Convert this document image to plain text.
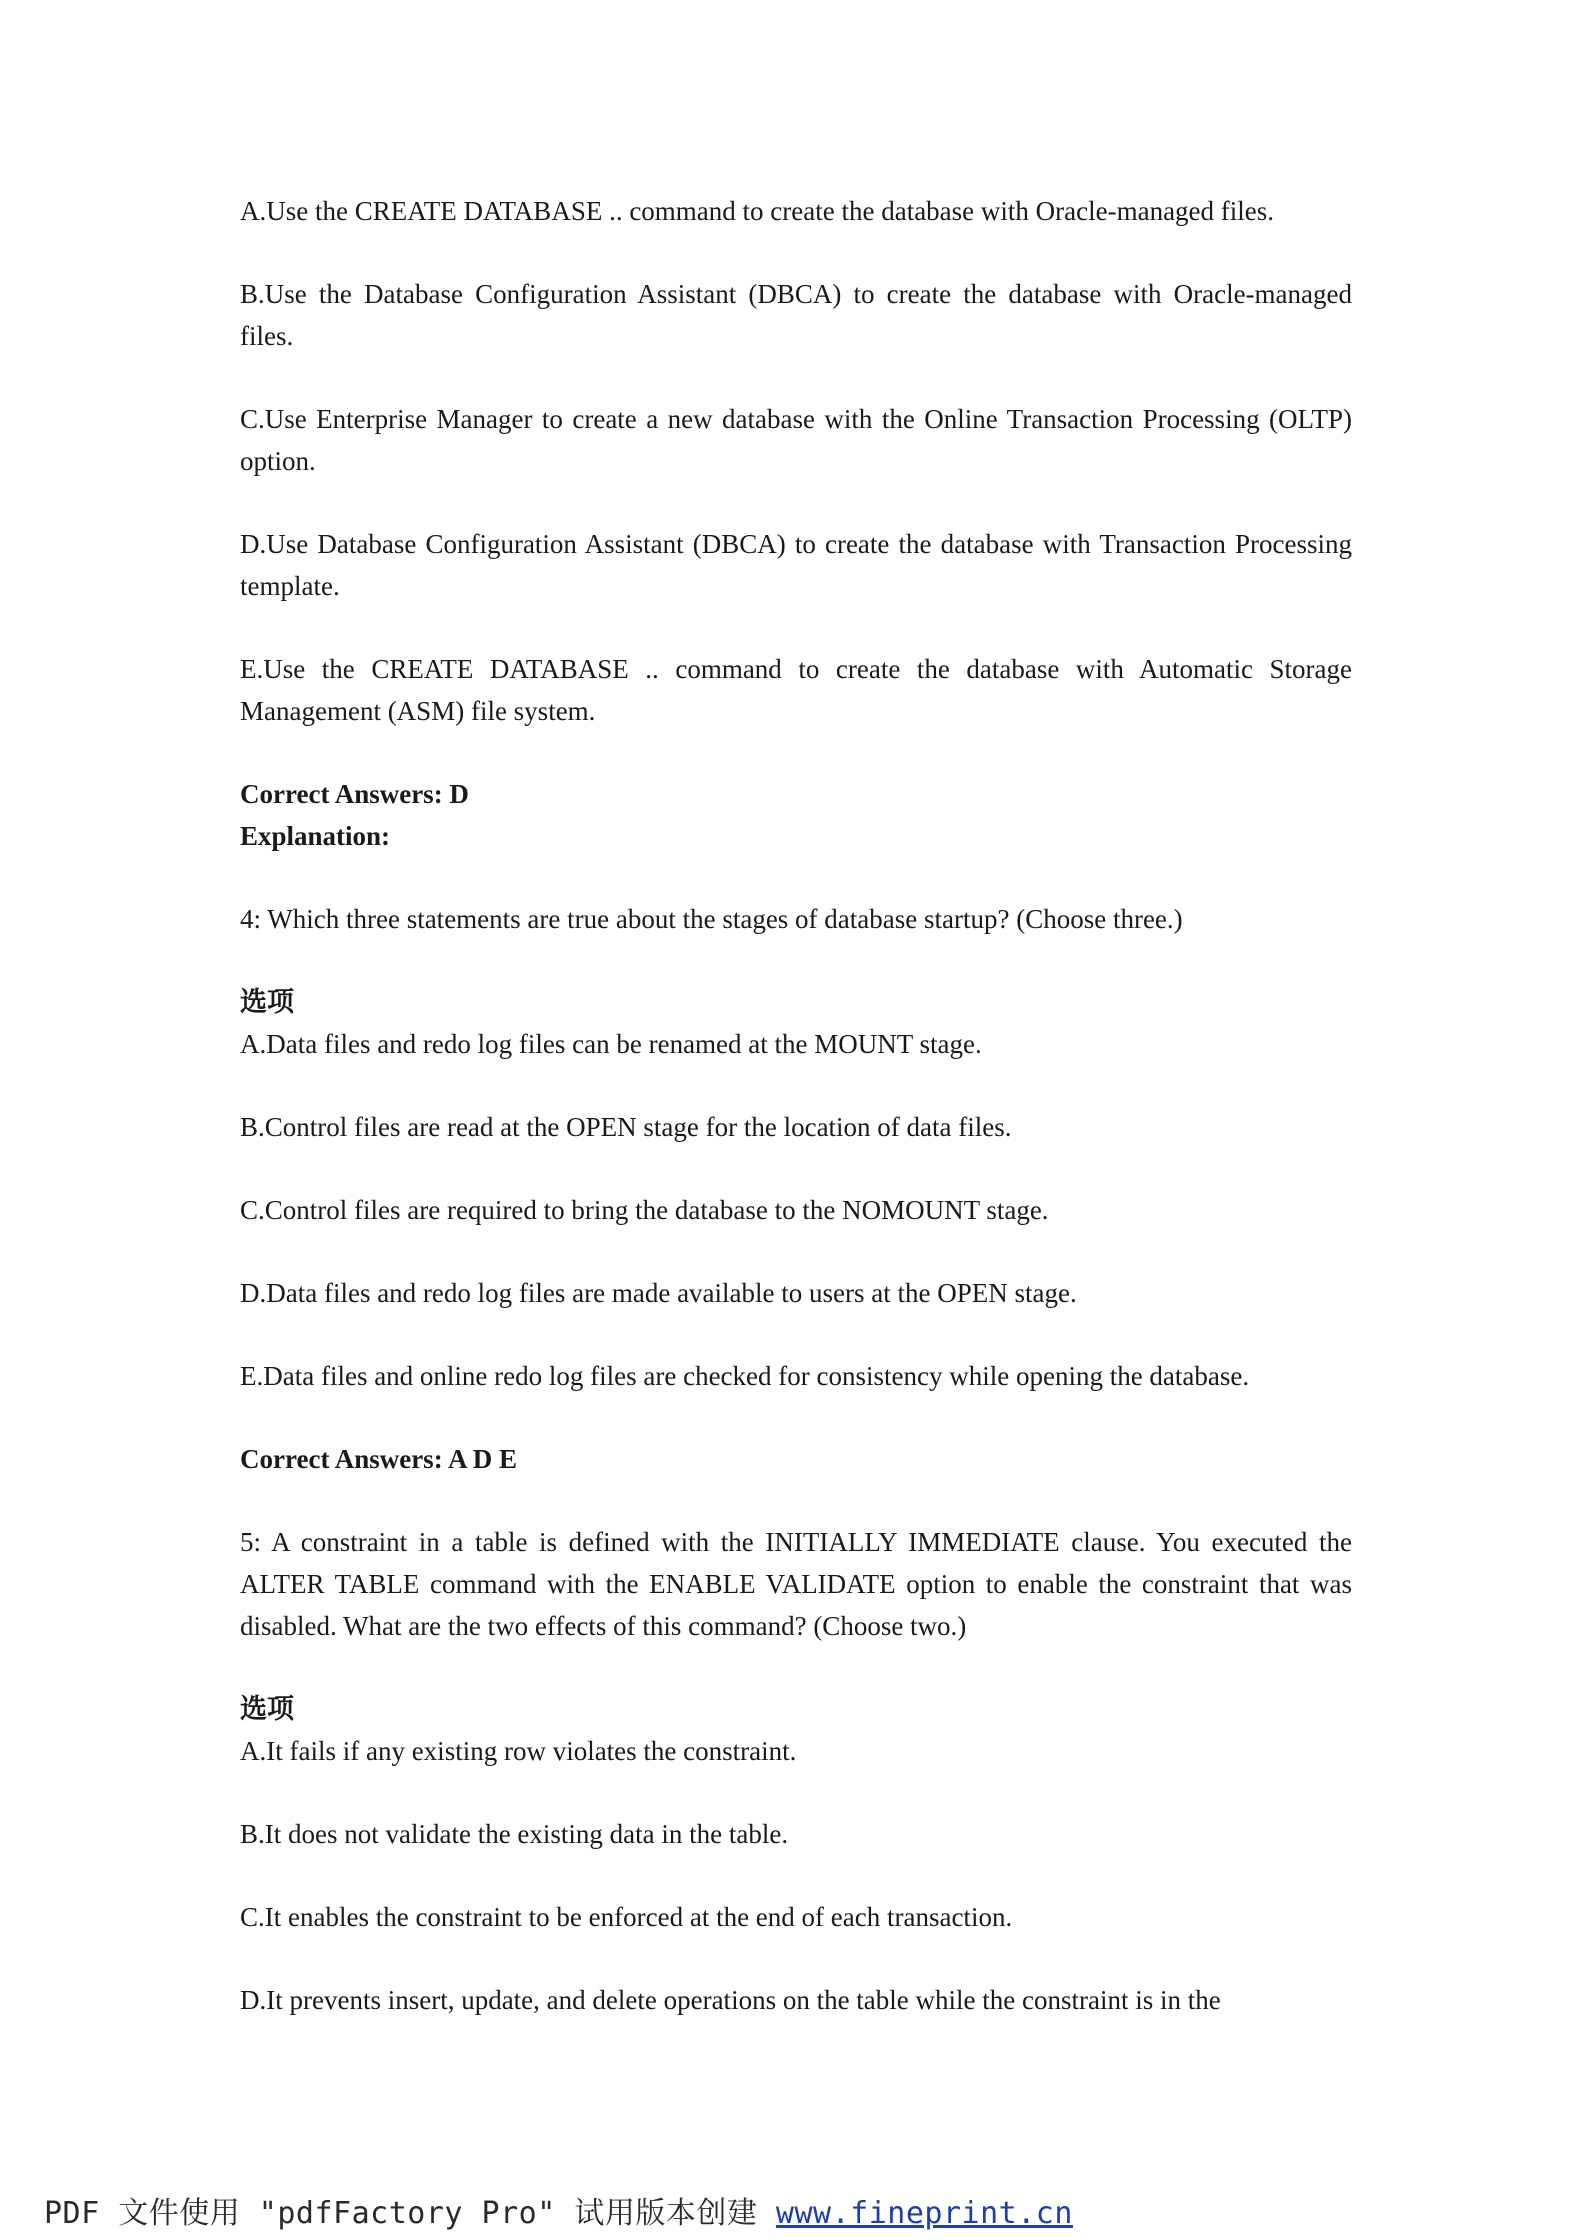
A.Use the CREATE DATABASE .. command to create the database with Oracle-managed files.

B.Use the Database Configuration Assistant (DBCA) to create the database with Oracle-managed files.

C.Use Enterprise Manager to create a new database with the Online Transaction Processing (OLTP) option.

D.Use Database Configuration Assistant (DBCA) to create the database with Transaction Processing template.

E.Use the CREATE DATABASE .. command to create the database with Automatic Storage Management (ASM) file system.

Correct Answers: D

Explanation:

4: Which three statements are true about the stages of database startup? (Choose three.)

选项

A.Data files and redo log files can be renamed at the MOUNT stage.

B.Control files are read at the OPEN stage for the location of data files.

C.Control files are required to bring the database to the NOMOUNT stage.

D.Data files and redo log files are made available to users at the OPEN stage.

E.Data files and online redo log files are checked for consistency while opening the database.

Correct Answers: A D E

5: A constraint in a table is defined with the INITIALLY IMMEDIATE clause. You executed the ALTER TABLE command with the ENABLE VALIDATE option to enable the constraint that was disabled. What are the two effects of this command? (Choose two.)

选项

A.It fails if any existing row violates the constraint.

B.It does not validate the existing data in the table.

C.It enables the constraint to be enforced at the end of each transaction.

D.It prevents insert, update, and delete operations on the table while the constraint is in the

PDF 文件使用 "pdfFactory Pro" 试用版本创建 www.fineprint.cn
